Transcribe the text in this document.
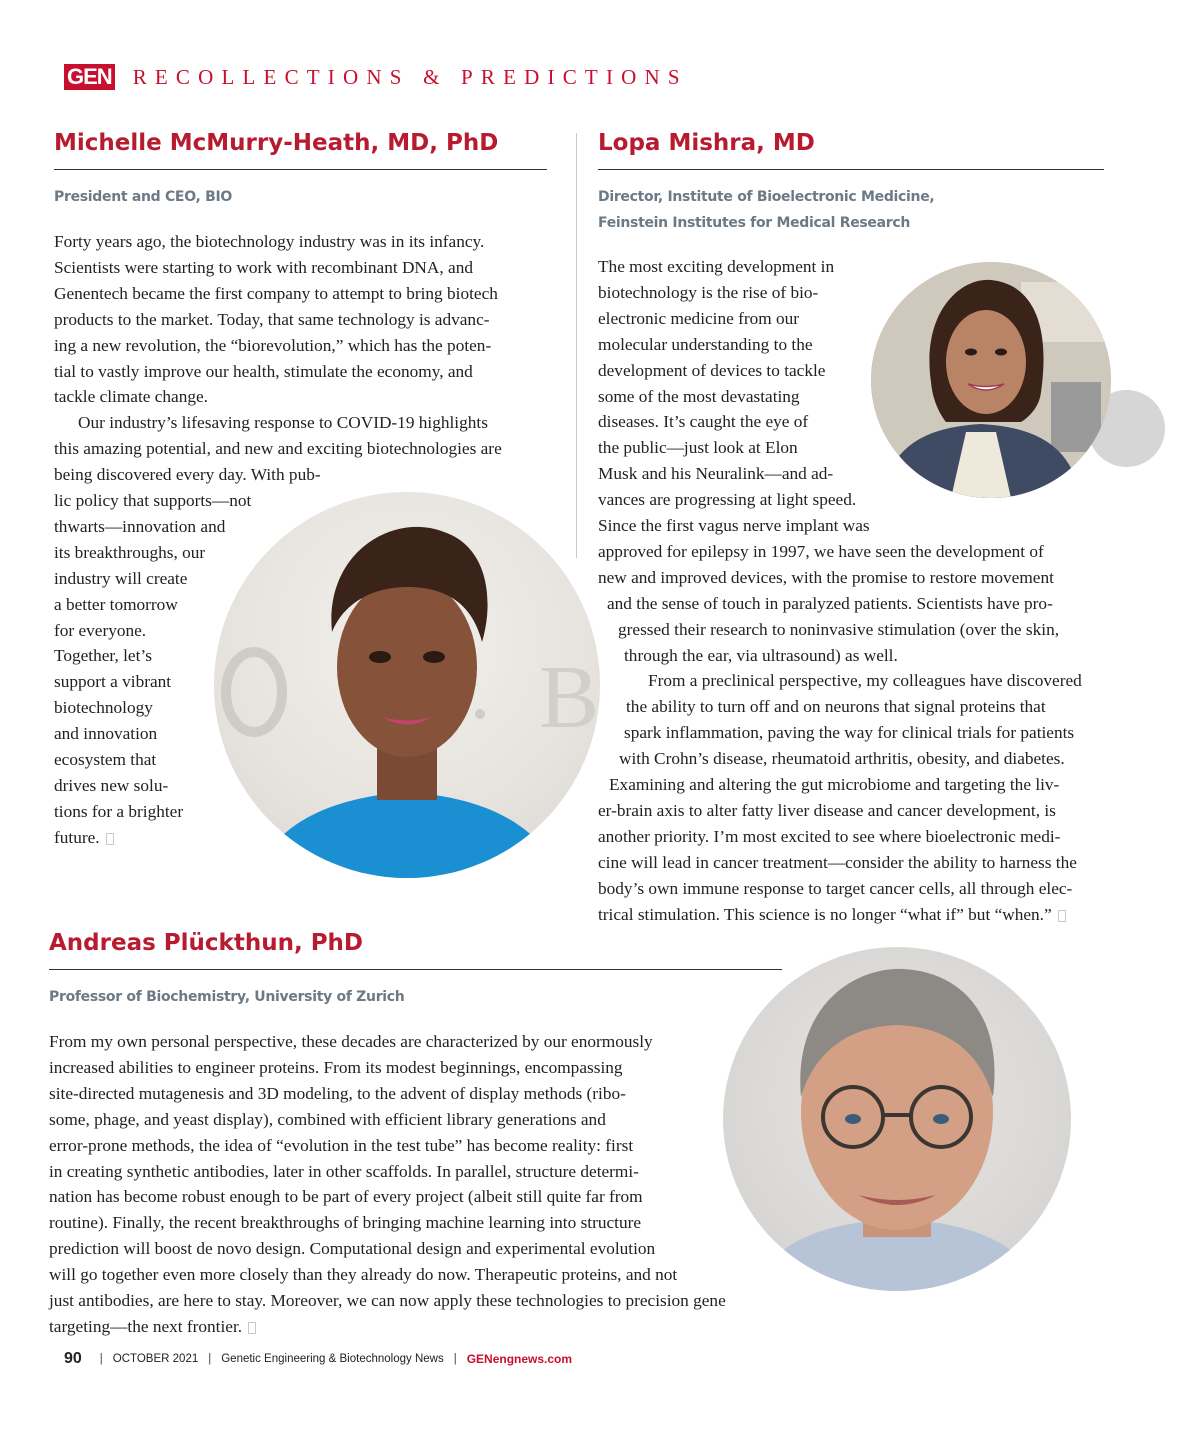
GEN RECOLLECTIONS & PREDICTIONS
Michelle McMurry-Heath, MD, PhD
President and CEO, BIO
Forty years ago, the biotechnology industry was in its infancy.
Scientists were starting to work with recombinant DNA, and
Genentech became the first company to attempt to bring biotech
products to the market. Today, that same technology is advanc-
ing a new revolution, the “biorevolution,” which has the poten-
tial to vastly improve our health, stimulate the economy, and
tackle climate change.
Our industry’s lifesaving response to COVID-19 highlights
this amazing potential, and new and exciting biotechnologies are
being discovered every day. With pub-
lic policy that supports—not
thwarts—innovation and
its breakthroughs, our
industry will create
a better tomorrow
for everyone.
Together, let’s
support a vibrant
biotechnology
and innovation
ecosystem that
drives new solu-
tions for a brighter
future.
B
Lopa Mishra, MD
Director, Institute of Bioelectronic Medicine,
Feinstein Institutes for Medical Research
The most exciting development in
biotechnology is the rise of bio-
electronic medicine from our
molecular understanding to the
development of devices to tackle
some of the most devastating
diseases. It’s caught the eye of
the public—just look at Elon
Musk and his Neuralink—and ad-
vances are progressing at light speed.
Since the first vagus nerve implant was
approved for epilepsy in 1997, we have seen the development of
new and improved devices, with the promise to restore movement
and the sense of touch in paralyzed patients. Scientists have pro-
gressed their research to noninvasive stimulation (over the skin,
through the ear, via ultrasound) as well.
From a preclinical perspective, my colleagues have discovered
the ability to turn off and on neurons that signal proteins that
spark inflammation, paving the way for clinical trials for patients
with Crohn’s disease, rheumatoid arthritis, obesity, and diabetes.
Examining and altering the gut microbiome and targeting the liv-
er-brain axis to alter fatty liver disease and cancer development, is
another priority. I’m most excited to see where bioelectronic medi-
cine will lead in cancer treatment—consider the ability to harness the
body’s own immune response to target cancer cells, all through elec-
trical stimulation. This science is no longer “what if” but “when.”
Andreas Plückthun, PhD
Professor of Biochemistry, University of Zurich
From my own personal perspective, these decades are characterized by our enormously
increased abilities to engineer proteins. From its modest beginnings, encompassing
site-directed mutagenesis and 3D modeling, to the advent of display methods (ribo-
some, phage, and yeast display), combined with efficient library generations and
error-prone methods, the idea of “evolution in the test tube” has become reality: first
in creating synthetic antibodies, later in other scaffolds. In parallel, structure determi-
nation has become robust enough to be part of every project (albeit still quite far from
routine). Finally, the recent breakthroughs of bringing machine learning into structure
prediction will boost de novo design. Computational design and experimental evolution
will go together even more closely than they already do now. Therapeutic proteins, and not
just antibodies, are here to stay. Moreover, we can now apply these technologies to precision gene
targeting—the next frontier.
90 | OCTOBER 2021 | Genetic Engineering & Biotechnology News | GENengnews.com
